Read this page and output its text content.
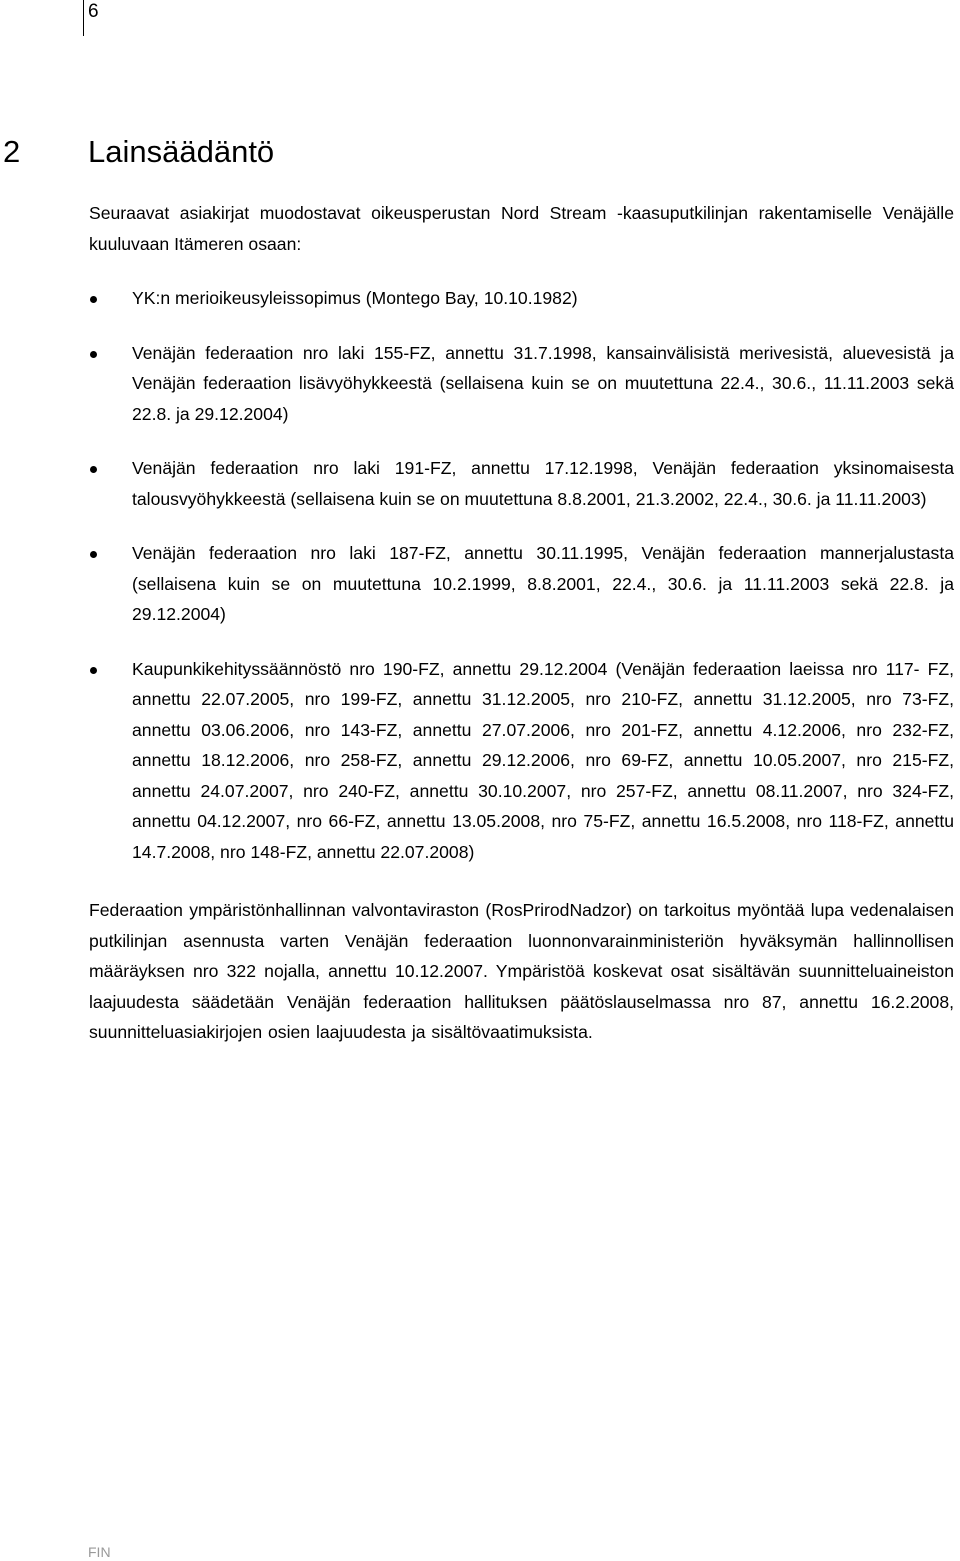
6
2 Lainsäädäntö

Seuraavat asiakirjat muodostavat oikeusperustan Nord Stream -kaasuputkilinjan rakentamiselle Venäjälle kuuluvaan Itämeren osaan:

YK:n merioikeusyleissopimus (Montego Bay, 10.10.1982)
Venäjän federaation nro laki 155-FZ, annettu 31.7.1998, kansainvälisistä merivesistä, aluevesistä ja Venäjän federaation lisävyöhykkeestä (sellaisena kuin se on muutettuna 22.4., 30.6., 11.11.2003 sekä 22.8. ja 29.12.2004)
Venäjän federaation nro laki 191-FZ, annettu 17.12.1998, Venäjän federaation yksinomaisesta talousvyöhykkeestä (sellaisena kuin se on muutettuna 8.8.2001, 21.3.2002, 22.4., 30.6. ja 11.11.2003)
Venäjän federaation nro laki 187-FZ, annettu 30.11.1995, Venäjän federaation mannerjalustasta (sellaisena kuin se on muutettuna 10.2.1999, 8.8.2001, 22.4., 30.6. ja 11.11.2003 sekä 22.8. ja 29.12.2004)
Kaupunkikehityssäännöstö nro 190-FZ, annettu 29.12.2004 (Venäjän federaation laeissa nro 117- FZ, annettu 22.07.2005, nro 199-FZ, annettu 31.12.2005, nro 210-FZ, annettu 31.12.2005, nro 73-FZ, annettu 03.06.2006, nro 143-FZ, annettu 27.07.2006, nro 201-FZ, annettu 4.12.2006, nro 232-FZ, annettu 18.12.2006, nro 258-FZ, annettu 29.12.2006, nro 69-FZ, annettu 10.05.2007, nro 215-FZ, annettu 24.07.2007, nro 240-FZ, annettu 30.10.2007, nro 257-FZ, annettu 08.11.2007, nro 324-FZ, annettu 04.12.2007, nro 66-FZ, annettu 13.05.2008, nro 75-FZ, annettu 16.5.2008, nro 118-FZ, annettu 14.7.2008, nro 148-FZ, annettu 22.07.2008)

Federaation ympäristönhallinnan valvontaviraston (RosPrirodNadzor) on tarkoitus myöntää lupa vedenalaisen putkilinjan asennusta varten Venäjän federaation luonnonvarainministeriön hyväksymän hallinnollisen määräyksen nro 322 nojalla, annettu 10.12.2007. Ympäristöä koskevat osat sisältävän suunnitteluaineiston laajuudesta säädetään Venäjän federaation hallituksen päätöslauselmassa nro 87, annettu 16.2.2008, suunnitteluasiakirjojen osien laajuudesta ja sisältövaatimuksista.

FIN
